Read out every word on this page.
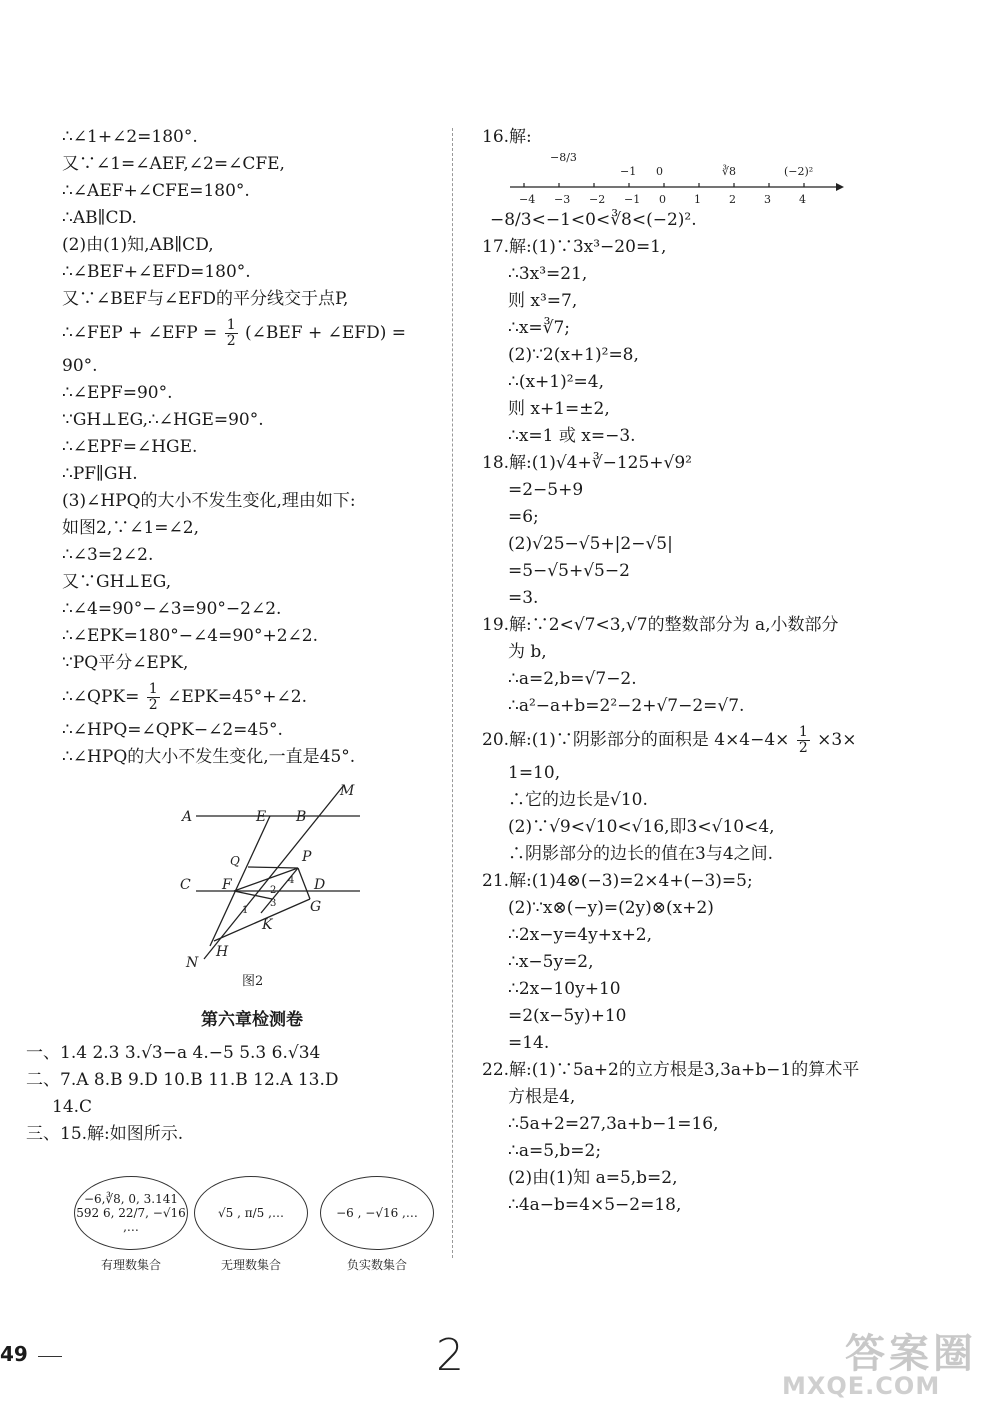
∴∠1+∠2=180°.
又∵∠1=∠AEF,∠2=∠CFE,
∴∠AEF+∠CFE=180°.
∴AB∥CD.
(2)由(1)知,AB∥CD,
∴∠BEF+∠EFD=180°.
又∵∠BEF与∠EFD的平分线交于点P,
∴∠FEP + ∠EFP = $\frac{1}{2}$ (∠BEF + ∠EFD) =
90°.
∴∠EPF=90°.
∵GH⊥EG,∴∠HGE=90°.
∴∠EPF=∠HGE.
∴PF∥GH.
(3)∠HPQ的大小不发生变化,理由如下:
如图2,∵∠1=∠2,
∴∠3=2∠2.
又∵GH⊥EG,
∴∠4=90°−∠3=90°−2∠2.
∴∠EPK=180°−∠4=90°+2∠2.
∵PQ平分∠EPK,
∴∠QPK= $\frac{1}{2}$ ∠EPK=45°+∠2.
∴∠HPQ=∠QPK−∠2=45°.
∴∠HPQ的大小不发生变化,一直是45°.
M
A	E B
Q	P
C F	4 D
3
2
G
1
K
N
H
图2
第六章检测卷
一、1.4 2.3 3.√3−a 4.−5 5.3 6.√34
二、7.A 8.B 9.D 10.B 11.B 12.A 13.D
14.C
三、15.解:如图所示.
−6,∛8, 0, 3.141 592 6, 22/7, −√16 ,…
有理数集合
√5 , π/5 ,…
无理数集合
−6 , −√16 ,…
负实数集合
16.解:
−4 −3 −2 −1 0	1	2	3	4
−8/3
−1 0	∛8	(−2)²
−8/3<−1<0<∛8<(−2)².
17.解:(1)∵3x³−20=1,
∴3x³=21,
则 x³=7,
∴x=∛7;
(2)∵2(x+1)²=8,
∴(x+1)²=4,
则 x+1=±2,
∴x=1 或 x=−3.
18.解:(1)√4+∛−125+√9²
=2−5+9
=6;
(2)√25−√5+|2−√5|
=5−√5+√5−2
=3.
19.解:∵2<√7<3,√7的整数部分为 a,小数部分
为 b,
∴a=2,b=√7−2.
∴a²−a+b=2²−2+√7−2=√7.
20.解:(1)∵阴影部分的面积是 $4\times 4-4\times \frac{1}{2} \times 3\times$
1=10,
∴它的边长是√10.
(2)∵√9<√10<√16,即3<√10<4,
∴阴影部分的边长的值在3与4之间.
21.解:(1)4⊗(−3)=2×4+(−3)=5;
(2)∵x⊗(−y)=(2y)⊗(x+2)
∴2x−y=4y+x+2,
∴x−5y=2,
∴2x−10y+10
=2(x−5y)+10
=14.
22.解:(1)∵5a+2的立方根是3,3a+b−1的算术平
方根是4,
∴5a+2=27,3a+b−1=16,
∴a=5,b=2;
(2)由(1)知 a=5,b=2,
∴4a−b=4×5−2=18,
49	2	答案圈
MXQE.COM
